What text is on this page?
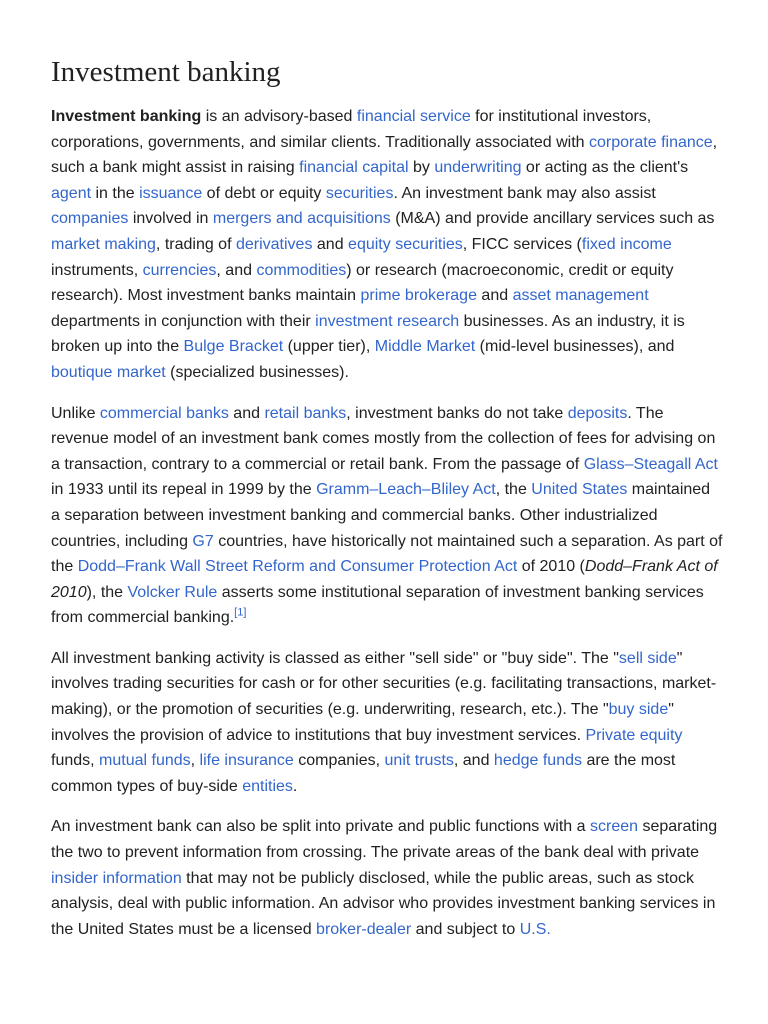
Investment banking

Investment banking is an advisory-based financial service for institutional investors, corporations, governments, and similar clients. Traditionally associated with corporate finance, such a bank might assist in raising financial capital by underwriting or acting as the client's agent in the issuance of debt or equity securities. An investment bank may also assist companies involved in mergers and acquisitions (M&A) and provide ancillary services such as market making, trading of derivatives and equity securities, FICC services (fixed income instruments, currencies, and commodities) or research (macroeconomic, credit or equity research). Most investment banks maintain prime brokerage and asset management departments in conjunction with their investment research businesses. As an industry, it is broken up into the Bulge Bracket (upper tier), Middle Market (mid-level businesses), and boutique market (specialized businesses).

Unlike commercial banks and retail banks, investment banks do not take deposits. The revenue model of an investment bank comes mostly from the collection of fees for advising on a transaction, contrary to a commercial or retail bank. From the passage of Glass–Steagall Act in 1933 until its repeal in 1999 by the Gramm–Leach–Bliley Act, the United States maintained a separation between investment banking and commercial banks. Other industrialized countries, including G7 countries, have historically not maintained such a separation. As part of the Dodd–Frank Wall Street Reform and Consumer Protection Act of 2010 (Dodd–Frank Act of 2010), the Volcker Rule asserts some institutional separation of investment banking services from commercial banking.[1]

All investment banking activity is classed as either "sell side" or "buy side". The "sell side" involves trading securities for cash or for other securities (e.g. facilitating transactions, market-making), or the promotion of securities (e.g. underwriting, research, etc.). The "buy side" involves the provision of advice to institutions that buy investment services. Private equity funds, mutual funds, life insurance companies, unit trusts, and hedge funds are the most common types of buy-side entities.

An investment bank can also be split into private and public functions with a screen separating the two to prevent information from crossing. The private areas of the bank deal with private insider information that may not be publicly disclosed, while the public areas, such as stock analysis, deal with public information. An advisor who provides investment banking services in the United States must be a licensed broker-dealer and subject to U.S.
